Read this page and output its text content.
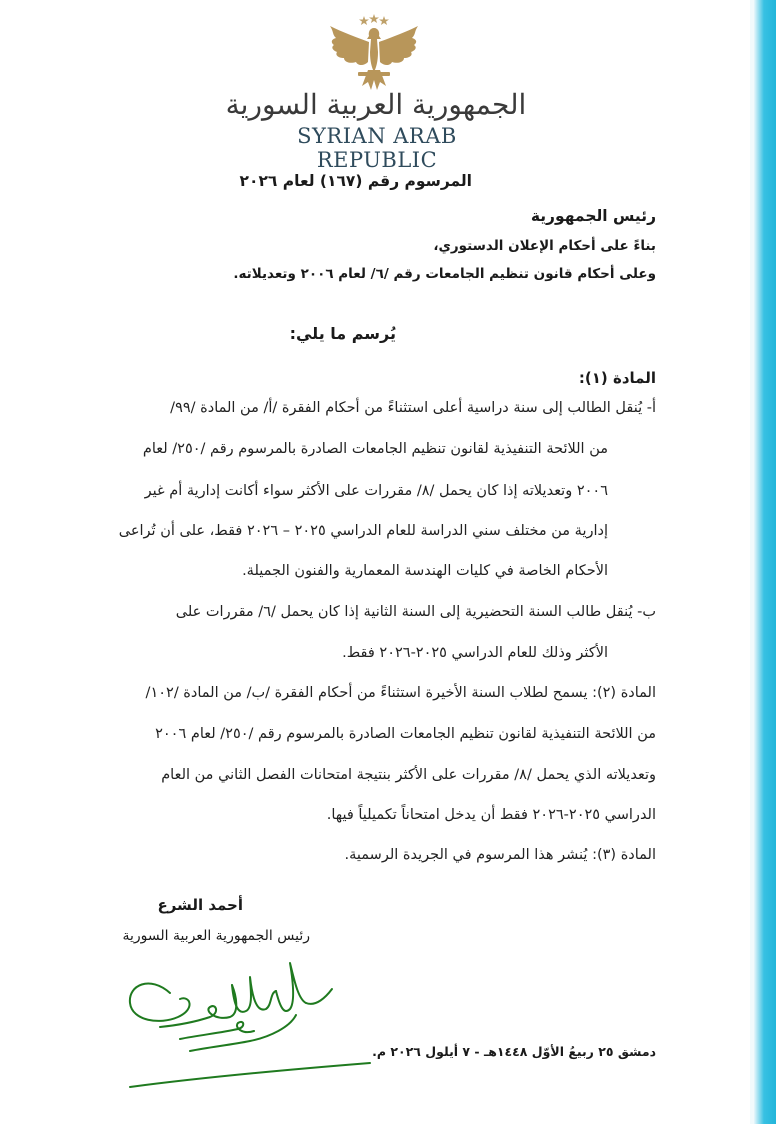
الجمهورية العربية السورية
SYRIAN ARAB REPUBLIC
المرسوم رقم (١٦٧) لعام ٢٠٢٦
رئيس الجمهورية
بناءً على أحكام الإعلان الدستوري،
وعلى أحكام قانون تنظيم الجامعات رقم /٦/ لعام ٢٠٠٦ وتعديلاته.
يُرسم ما يلي:
المادة (١):
أ- يُنقل الطالب إلى سنة دراسية أعلى استثناءً من أحكام الفقرة /أ/ من المادة /٩٩/
من اللائحة التنفيذية لقانون تنظيم الجامعات الصادرة بالمرسوم رقم /٢٥٠/ لعام
٢٠٠٦ وتعديلاته إذا كان يحمل /٨/ مقررات على الأكثر سواء أكانت إدارية أم غير
إدارية من مختلف سني الدراسة للعام الدراسي ٢٠٢٥ – ٢٠٢٦ فقط، على أن تُراعى
الأحكام الخاصة في كليات الهندسة المعمارية والفنون الجميلة.
ب- يُنقل طالب السنة التحضيرية إلى السنة الثانية إذا كان يحمل /٦/ مقررات على
الأكثر وذلك للعام الدراسي ٢٠٢٥-٢٠٢٦ فقط.
المادة (٢): يسمح لطلاب السنة الأخيرة استثناءً من أحكام الفقرة /ب/ من المادة /١٠٢/
من اللائحة التنفيذية لقانون تنظيم الجامعات الصادرة بالمرسوم رقم /٢٥٠/ لعام ٢٠٠٦
وتعديلاته الذي يحمل /٨/ مقررات على الأكثر بنتيجة امتحانات الفصل الثاني من العام
الدراسي ٢٠٢٥-٢٠٢٦ فقط أن يدخل امتحاناً تكميلياً فيها.
المادة (٣): يُنشر هذا المرسوم في الجريدة الرسمية.
أحمد الشرع
رئيس الجمهورية العربية السورية
دمشق ٢٥ ربيعُ الأوّل ١٤٤٨هـ - ٧ أيلول ٢٠٢٦ م.
